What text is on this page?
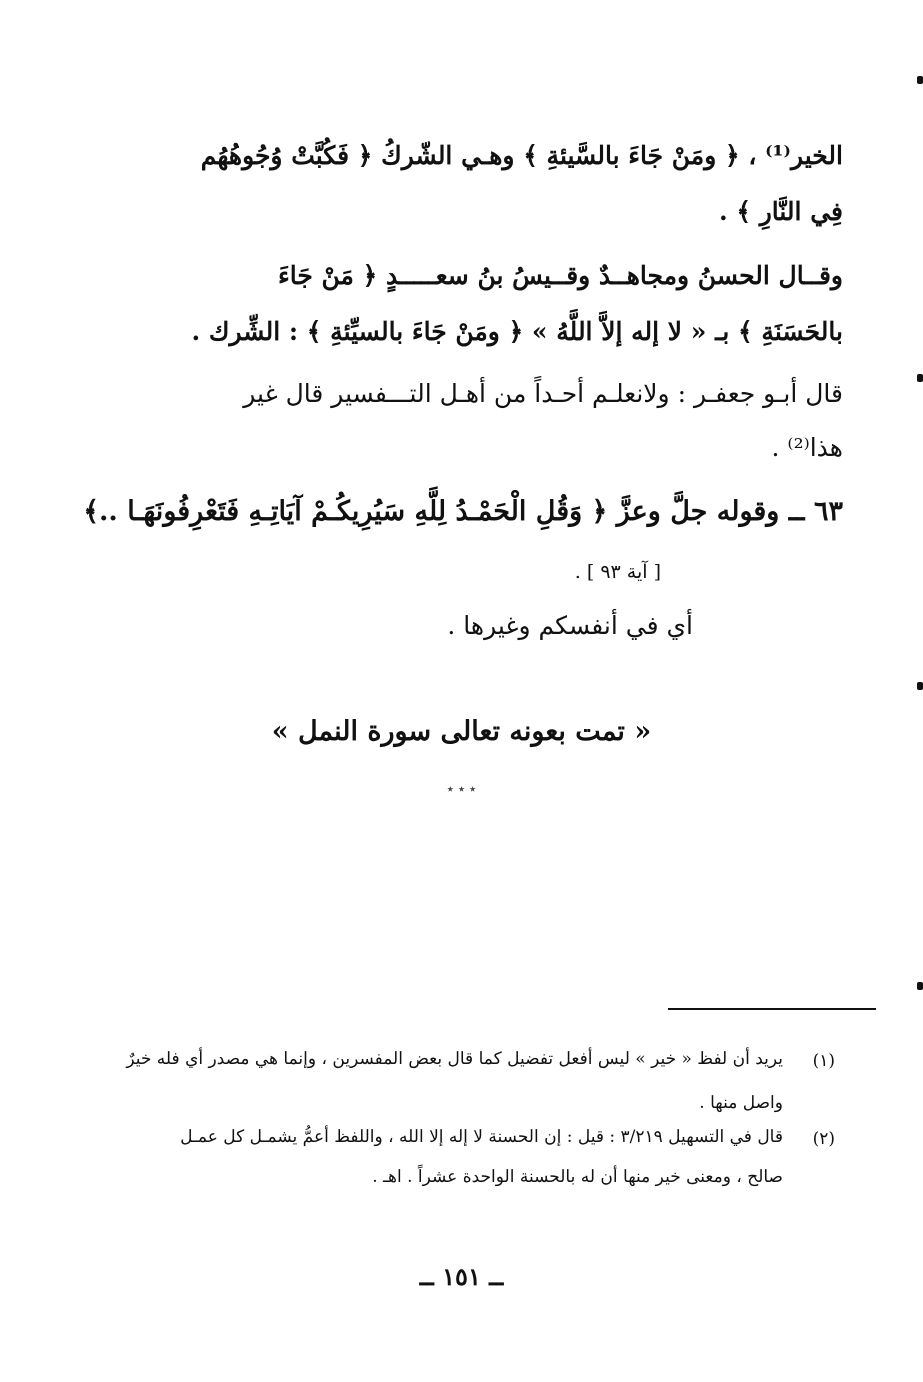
الخير⁽¹⁾ ، ﴿ ومَنْ جَاءَ بالسَّيئةِ ﴾ وهـي الشّركُ ﴿ فَكُبَّتْ وُجُوهُهُم
فِي النَّارِ ﴾ .
وقــال الحسنُ ومجاهــدٌ وقــيسُ بنُ سعـــــدٍ ﴿ مَنْ جَاءَ
بالحَسَنَةِ ﴾ بـ « لا إله إلاَّ اللَّهُ » ﴿ ومَنْ جَاءَ بالسيِّئةِ ﴾ : الشِّرك .
قال أبـو جعفـر : ولانعلـم أحـداً من أهـل التـــفسير قال غير
هذا⁽²⁾ .
٦٣ ــ وقوله جلَّ وعزَّ ﴿ وَقُلِ الْحَمْـدُ لِلَّهِ سَيُرِيكُـمْ آيَاتِـهِ فَتَعْرِفُونَهَـا ..﴾
[ آية ٩٣ ] .
أي في أنفسكم وغيرها .
« تمت بعونه تعالى سورة النمل »
٭ ٭ ٭
(١)
يريد أن لفظ « خير » ليس أفعل تفضيل كما قال بعض المفسرين ، وإنما هي مصدر أي فله خيرٌ
واصل منها .
(٢)
قال في التسهيل ٣/٢١٩ : قيل : إن الحسنة لا إله إلا الله ، واللفظ أعمُّ يشمـل كل عمـل
صالح ، ومعنى خير منها أن له بالحسنة الواحدة عشراً . اهـ .
ــ ١٥١ ــ
